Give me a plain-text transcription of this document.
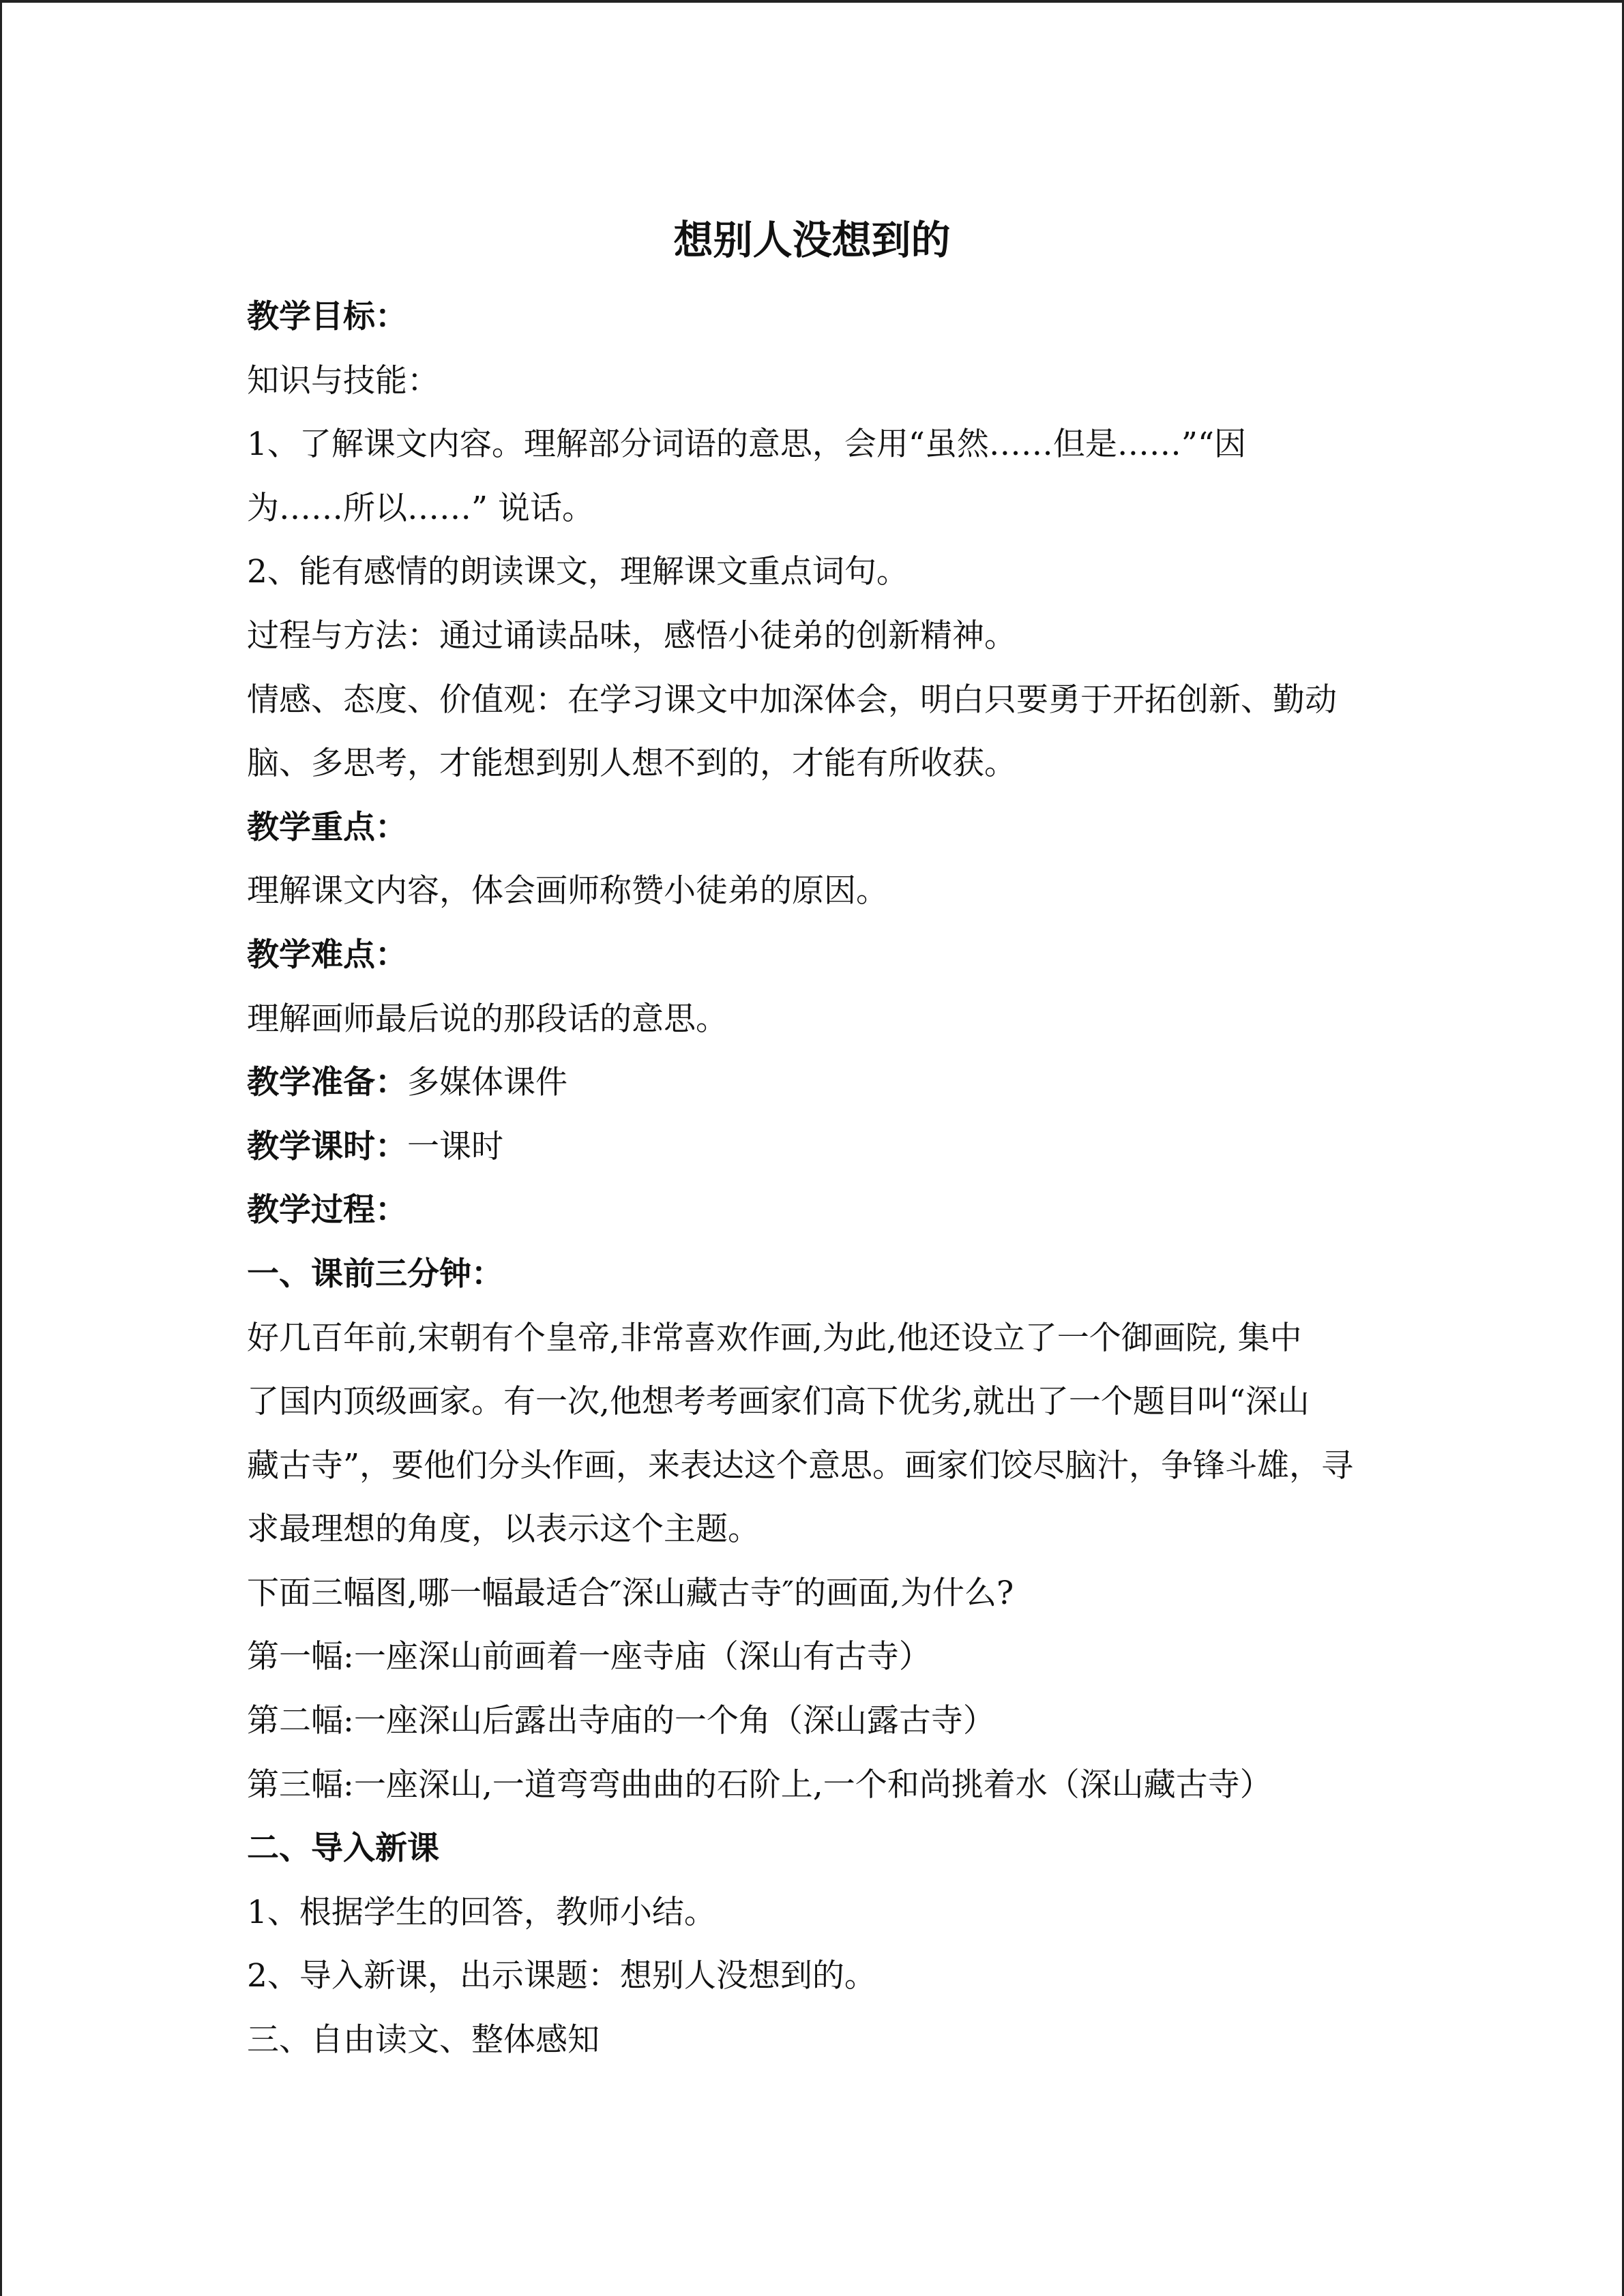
想别人没想到的

教学目标：

知识与技能：

1、了解课文内容。理解部分词语的意思，会用“虽然……但是……”“因

为……所以……” 说话。

2、能有感情的朗读课文，理解课文重点词句。

过程与方法：通过诵读品味，感悟小徒弟的创新精神。

情感、态度、价值观：在学习课文中加深体会，明白只要勇于开拓创新、勤动

脑、多思考，才能想到别人想不到的，才能有所收获。

教学重点：

理解课文内容，体会画师称赞小徒弟的原因。

教学难点：

理解画师最后说的那段话的意思。

教学准备：多媒体课件

教学课时：一课时

教学过程：

一、课前三分钟：

好几百年前,宋朝有个皇帝,非常喜欢作画,为此,他还设立了一个御画院, 集中

了国内顶级画家。有一次,他想考考画家们高下优劣,就出了一个题目叫“深山

藏古寺”，要他们分头作画，来表达这个意思。画家们饺尽脑汁，争锋斗雄，寻

求最理想的角度，以表示这个主题。

下面三幅图,哪一幅最适合″深山藏古寺″的画面,为什么?

第一幅:一座深山前画着一座寺庙（深山有古寺）

第二幅:一座深山后露出寺庙的一个角（深山露古寺）

第三幅:一座深山,一道弯弯曲曲的石阶上,一个和尚挑着水（深山藏古寺）

二、导入新课

1、根据学生的回答，教师小结。

2、导入新课，出示课题：想别人没想到的。

三、自由读文、整体感知
